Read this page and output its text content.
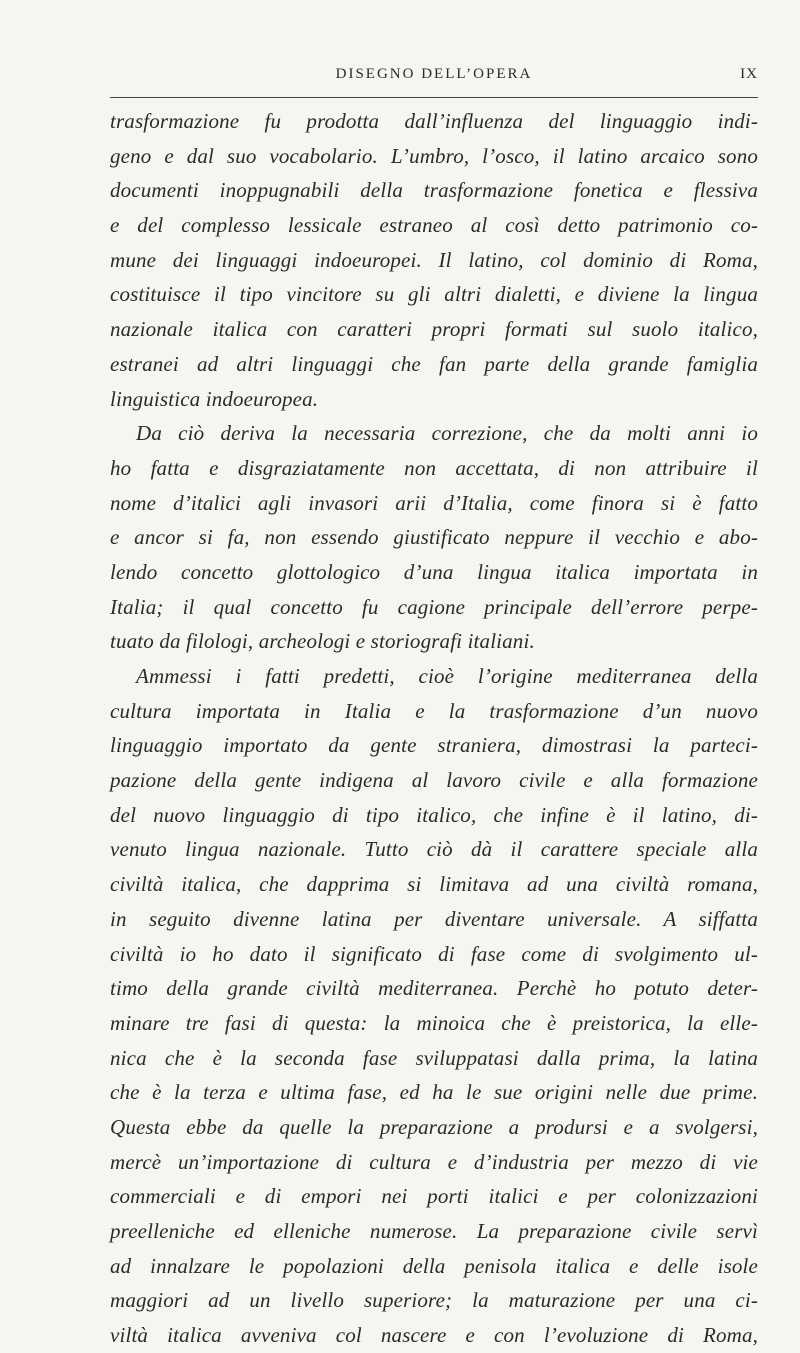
DISEGNO DELL’OPERA	IX
trasformazione fu prodotta dall’influenza del linguaggio indi-
geno e dal suo vocabolario. L’umbro, l’osco, il latino arcaico sono
documenti inoppugnabili della trasformazione fonetica e flessiva
e del complesso lessicale estraneo al così detto patrimonio co-
mune dei linguaggi indoeuropei. Il latino, col dominio di Roma,
costituisce il tipo vincitore su gli altri dialetti, e diviene la lingua
nazionale italica con caratteri propri formati sul suolo italico,
estranei ad altri linguaggi che fan parte della grande famiglia
linguistica indoeuropea.
Da ciò deriva la necessaria correzione, che da molti anni io
ho fatta e disgraziatamente non accettata, di non attribuire il
nome d’italici agli invasori arii d’Italia, come finora si è fatto
e ancor si fa, non essendo giustificato neppure il vecchio e abo-
lendo concetto glottologico d’una lingua italica importata in
Italia; il qual concetto fu cagione principale dell’errore perpe-
tuato da filologi, archeologi e storiografi italiani.
Ammessi i fatti predetti, cioè l’origine mediterranea della
cultura importata in Italia e la trasformazione d’un nuovo
linguaggio importato da gente straniera, dimostrasi la parteci-
pazione della gente indigena al lavoro civile e alla formazione
del nuovo linguaggio di tipo italico, che infine è il latino, di-
venuto lingua nazionale. Tutto ciò dà il carattere speciale alla
civiltà italica, che dapprima si limitava ad una civiltà romana,
in seguito divenne latina per diventare universale. A siffatta
civiltà io ho dato il significato di fase come di svolgimento ul-
timo della grande civiltà mediterranea. Perchè ho potuto deter-
minare tre fasi di questa: la minoica che è preistorica, la elle-
nica che è la seconda fase sviluppatasi dalla prima, la latina
che è la terza e ultima fase, ed ha le sue origini nelle due prime.
Questa ebbe da quelle la preparazione a prodursi e a svolgersi,
mercè un’importazione di cultura e d’industria per mezzo di vie
commerciali e di empori nei porti italici e per colonizzazioni
preelleniche ed elleniche numerose. La preparazione civile servì
ad innalzare le popolazioni della penisola italica e delle isole
maggiori ad un livello superiore; la maturazione per una ci-
viltà italica avveniva col nascere e con l’evoluzione di Roma,
